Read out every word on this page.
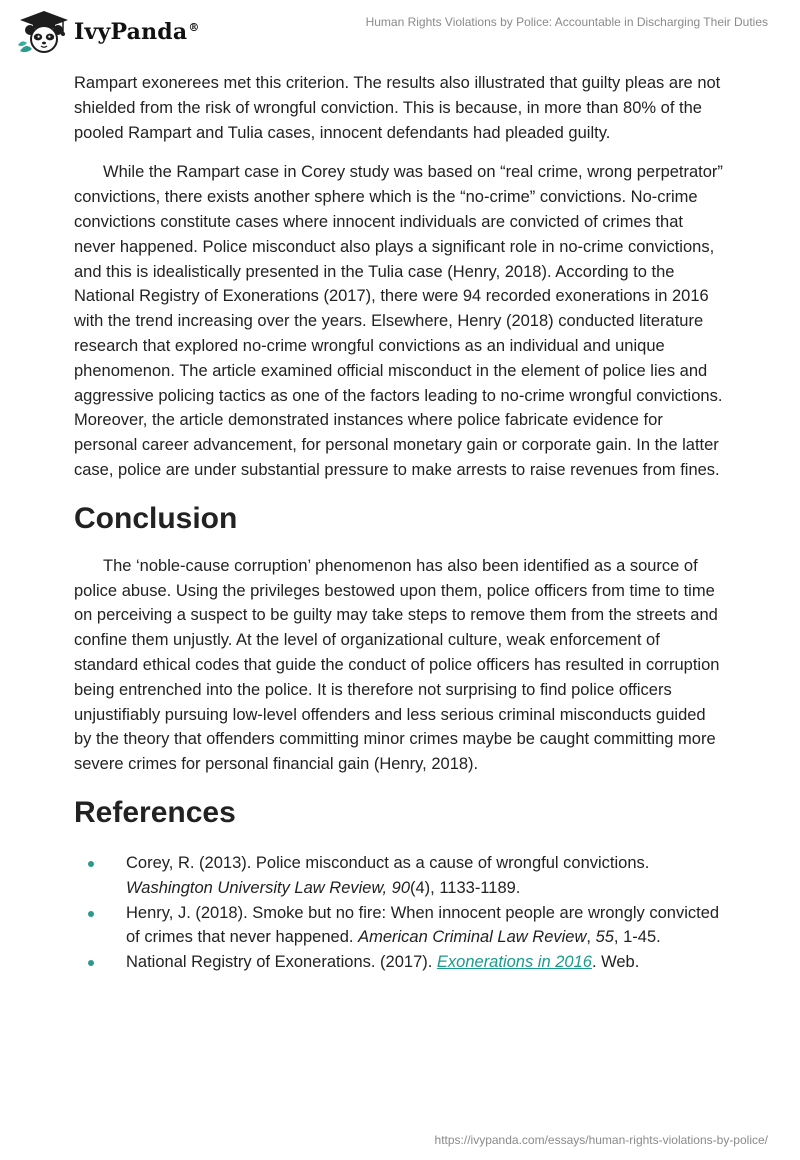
IvyPanda®	Human Rights Violations by Police: Accountable in Discharging Their Duties

Rampart exonerees met this criterion. The results also illustrated that guilty pleas are not shielded from the risk of wrongful conviction. This is because, in more than 80% of the pooled Rampart and Tulia cases, innocent defendants had pleaded guilty.

While the Rampart case in Corey study was based on “real crime, wrong perpetrator” convictions, there exists another sphere which is the “no-crime” convictions. No-crime convictions constitute cases where innocent individuals are convicted of crimes that never happened. Police misconduct also plays a significant role in no-crime convictions, and this is idealistically presented in the Tulia case (Henry, 2018). According to the National Registry of Exonerations (2017), there were 94 recorded exonerations in 2016 with the trend increasing over the years. Elsewhere, Henry (2018) conducted literature research that explored no-crime wrongful convictions as an individual and unique phenomenon. The article examined official misconduct in the element of police lies and aggressive policing tactics as one of the factors leading to no-crime wrongful convictions. Moreover, the article demonstrated instances where police fabricate evidence for personal career advancement, for personal monetary gain or corporate gain. In the latter case, police are under substantial pressure to make arrests to raise revenues from fines.

Conclusion

The ‘noble-cause corruption’ phenomenon has also been identified as a source of police abuse. Using the privileges bestowed upon them, police officers from time to time on perceiving a suspect to be guilty may take steps to remove them from the streets and confine them unjustly. At the level of organizational culture, weak enforcement of standard ethical codes that guide the conduct of police officers has resulted in corruption being entrenched into the police. It is therefore not surprising to find police officers unjustifiably pursuing low-level offenders and less serious criminal misconducts guided by the theory that offenders committing minor crimes maybe be caught committing more severe crimes for personal financial gain (Henry, 2018).

References
Corey, R. (2013). Police misconduct as a cause of wrongful convictions. Washington University Law Review, 90(4), 1133-1189.
Henry, J. (2018). Smoke but no fire: When innocent people are wrongly convicted of crimes that never happened. American Criminal Law Review, 55, 1-45.
National Registry of Exonerations. (2017). Exonerations in 2016. Web.
https://ivypanda.com/essays/human-rights-violations-by-police/
